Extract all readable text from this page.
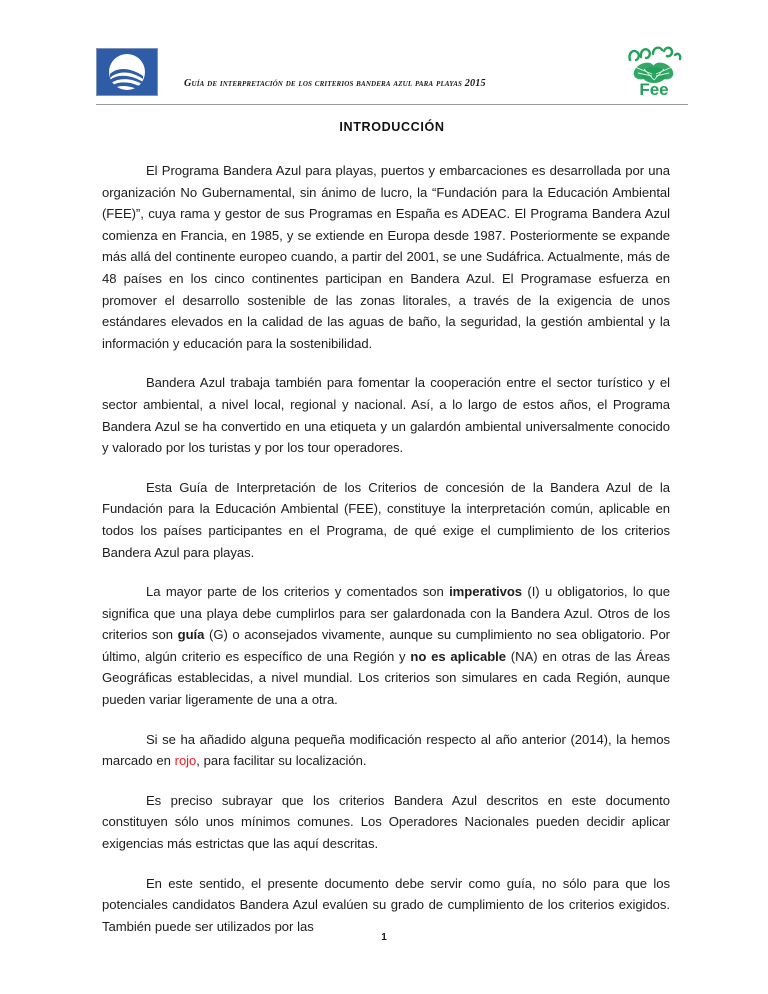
Guía de interpretación de los criterios bandera azul para playas 2015	Fee
INTRODUCCIÓN

El Programa Bandera Azul para playas, puertos y embarcaciones es desarrollada por una organización No Gubernamental, sin ánimo de lucro, la “Fundación para la Educación Ambiental (FEE)”, cuya rama y gestor de sus Programas en España es ADEAC. El Programa Bandera Azul comienza en Francia, en 1985, y se extiende en Europa desde 1987. Posteriormente se expande más allá del continente europeo cuando, a partir del 2001, se une Sudáfrica. Actualmente, más de 48 países en los cinco continentes participan en Bandera Azul. El Programase esfuerza en promover el desarrollo sostenible de las zonas litorales, a través de la exigencia de unos estándares elevados en la calidad de las aguas de baño, la seguridad, la gestión ambiental y la información y educación para la sostenibilidad.

Bandera Azul trabaja también para fomentar la cooperación entre el sector turístico y el sector ambiental, a nivel local, regional y nacional. Así, a lo largo de estos años, el Programa Bandera Azul se ha convertido en una etiqueta y un galardón ambiental universalmente conocido y valorado por los turistas y por los tour operadores.

Esta Guía de Interpretación de los Criterios de concesión de la Bandera Azul de la Fundación para la Educación Ambiental (FEE), constituye la interpretación común, aplicable en todos los países participantes en el Programa, de qué exige el cumplimiento de los criterios Bandera Azul para playas.

La mayor parte de los criterios y comentados son imperativos (I) u obligatorios, lo que significa que una playa debe cumplirlos para ser galardonada con la Bandera Azul. Otros de los criterios son guía (G) o aconsejados vivamente, aunque su cumplimiento no sea obligatorio. Por último, algún criterio es específico de una Región y no es aplicable (NA) en otras de las Áreas Geográficas establecidas, a nivel mundial. Los criterios son simulares en cada Región, aunque pueden variar ligeramente de una a otra.

Si se ha añadido alguna pequeña modificación respecto al año anterior (2014), la hemos marcado en rojo, para facilitar su localización.

Es preciso subrayar que los criterios Bandera Azul descritos en este documento constituyen sólo unos mínimos comunes. Los Operadores Nacionales pueden decidir aplicar exigencias más estrictas que las aquí descritas.

En este sentido, el presente documento debe servir como guía, no sólo para que los potenciales candidatos Bandera Azul evalúen su grado de cumplimiento de los criterios exigidos. También puede ser utilizados por las

1
